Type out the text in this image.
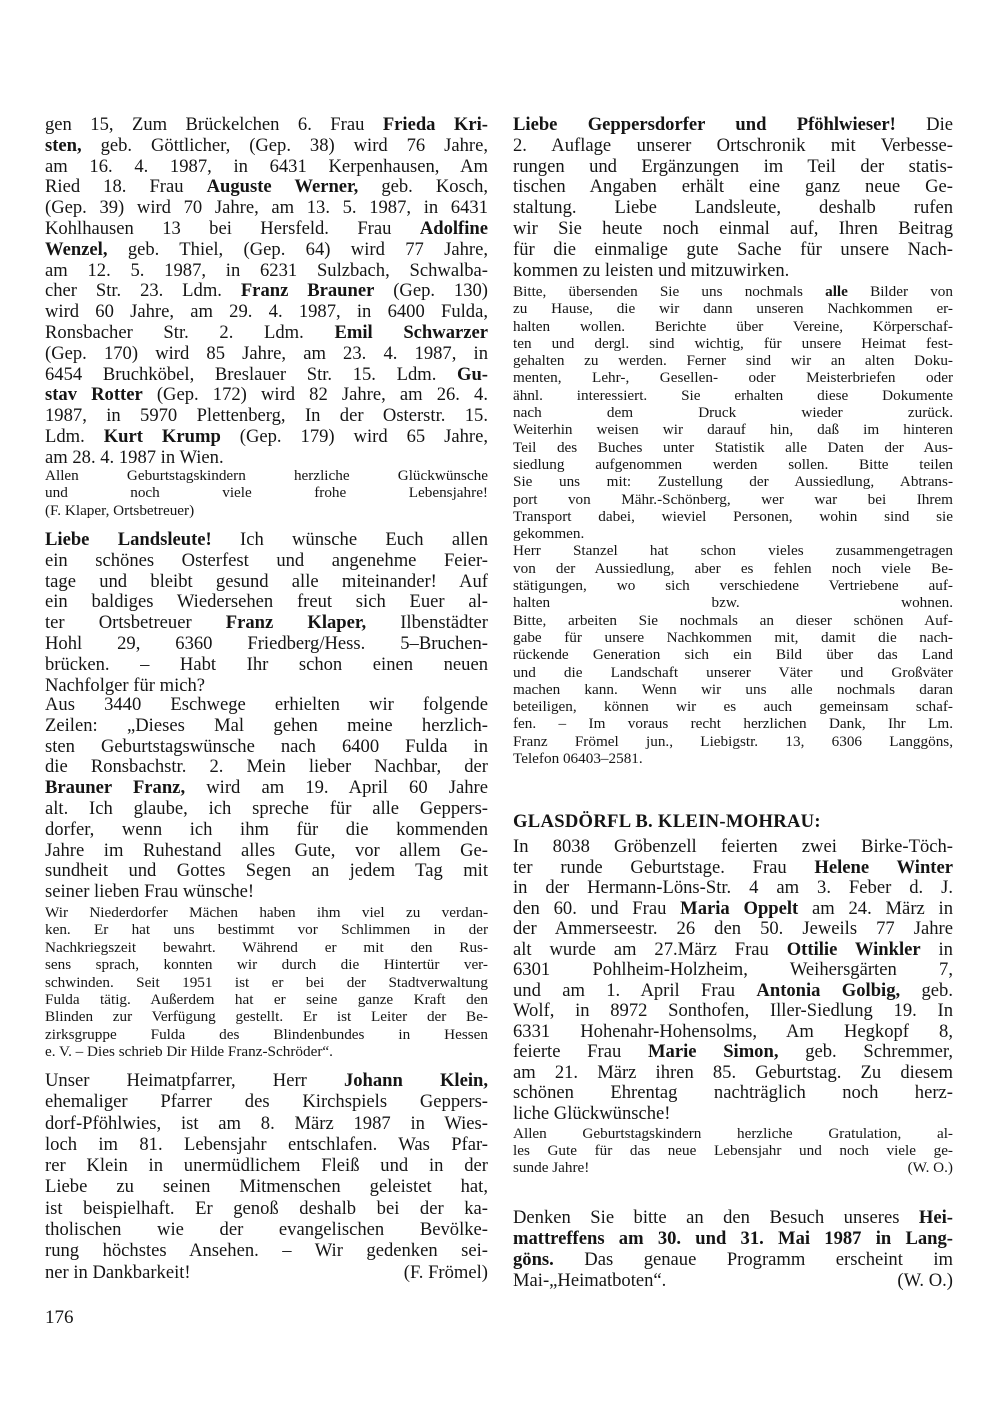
gen 15, Zum Brückelchen 6. Frau Frieda Kri-
sten, geb. Göttlicher, (Gep. 38) wird 76 Jahre,
am 16. 4. 1987, in 6431 Kerpenhausen, Am
Ried 18. Frau Auguste Werner, geb. Kosch,
(Gep. 39) wird 70 Jahre, am 13. 5. 1987, in 6431
Kohlhausen 13 bei Hersfeld. Frau Adolfine
Wenzel, geb. Thiel, (Gep. 64) wird 77 Jahre,
am 12. 5. 1987, in 6231 Sulzbach, Schwalba-
cher Str. 23. Ldm. Franz Brauner (Gep. 130)
wird 60 Jahre, am 29. 4. 1987, in 6400 Fulda,
Ronsbacher Str. 2. Ldm. Emil Schwarzer
(Gep. 170) wird 85 Jahre, am 23. 4. 1987, in
6454 Bruchköbel, Breslauer Str. 15. Ldm. Gu-
stav Rotter (Gep. 172) wird 82 Jahre, am 26. 4.
1987, in 5970 Plettenberg, In der Osterstr. 15.
Ldm. Kurt Krump (Gep. 179) wird 65 Jahre,
am 28. 4. 1987 in Wien.
Allen Geburtstagskindern herzliche Glückwünsche
und noch viele frohe Lebensjahre!
(F. Klaper, Ortsbetreuer)
Liebe Landsleute! Ich wünsche Euch allen
ein schönes Osterfest und angenehme Feier-
tage und bleibt gesund alle miteinander! Auf
ein baldiges Wiedersehen freut sich Euer al-
ter Ortsbetreuer Franz Klaper, Ilbenstädter
Hohl 29, 6360 Friedberg/Hess. 5–Bruchen-
brücken. – Habt Ihr schon einen neuen
Nachfolger für mich?
Aus 3440 Eschwege erhielten wir folgende
Zeilen: „Dieses Mal gehen meine herzlich-
sten Geburtstagswünsche nach 6400 Fulda in
die Ronsbachstr. 2. Mein lieber Nachbar, der
Brauner Franz, wird am 19. April 60 Jahre
alt. Ich glaube, ich spreche für alle Geppers-
dorfer, wenn ich ihm für die kommenden
Jahre im Ruhestand alles Gute, vor allem Ge-
sundheit und Gottes Segen an jedem Tag mit
seiner lieben Frau wünsche!
Wir Niederdorfer Mächen haben ihm viel zu verdan-
ken. Er hat uns bestimmt vor Schlimmen in der
Nachkriegszeit bewahrt. Während er mit den Rus-
sens sprach, konnten wir durch die Hintertür ver-
schwinden. Seit 1951 ist er bei der Stadtverwaltung
Fulda tätig. Außerdem hat er seine ganze Kraft den
Blinden zur Verfügung gestellt. Er ist Leiter der Be-
zirksgruppe Fulda des Blindenbundes in Hessen
e. V. – Dies schrieb Dir Hilde Franz-Schröder“.
Unser Heimatpfarrer, Herr Johann Klein,
ehemaliger Pfarrer des Kirchspiels Geppers-
dorf-Pföhlwies, ist am 8. März 1987 in Wies-
loch im 81. Lebensjahr entschlafen. Was Pfar-
rer Klein in unermüdlichem Fleiß und in der
Liebe zu seinen Mitmenschen geleistet hat,
ist beispielhaft. Er genoß deshalb bei der ka-
tholischen wie der evangelischen Bevölke-
rung höchstes Ansehen. – Wir gedenken sei-
(F. Frömel)
ner in Dankbarkeit!
Liebe Geppersdorfer und Pföhlwieser! Die
2. Auflage unserer Ortschronik mit Verbesse-
rungen und Ergänzungen im Teil der statis-
tischen Angaben erhält eine ganz neue Ge-
staltung. Liebe Landsleute, deshalb rufen
wir Sie heute noch einmal auf, Ihren Beitrag
für die einmalige gute Sache für unsere Nach-
kommen zu leisten und mitzuwirken.
Bitte, übersenden Sie uns nochmals alle Bilder von
zu Hause, die wir dann unseren Nachkommen er-
halten wollen. Berichte über Vereine, Körperschaf-
ten und dergl. sind wichtig, für unsere Heimat fest-
gehalten zu werden. Ferner sind wir an alten Doku-
menten, Lehr-, Gesellen- oder Meisterbriefen oder
ähnl. interessiert. Sie erhalten diese Dokumente
nach dem Druck wieder zurück.
Weiterhin weisen wir darauf hin, daß im hinteren
Teil des Buches unter Statistik alle Daten der Aus-
siedlung aufgenommen werden sollen. Bitte teilen
Sie uns mit: Zustellung der Aussiedlung, Abtrans-
port von Mähr.-Schönberg, wer war bei Ihrem
Transport dabei, wieviel Personen, wohin sind sie
gekommen.
Herr Stanzel hat schon vieles zusammengetragen
von der Aussiedlung, aber es fehlen noch viele Be-
stätigungen, wo sich verschiedene Vertriebene auf-
halten bzw. wohnen.
Bitte, arbeiten Sie nochmals an dieser schönen Auf-
gabe für unsere Nachkommen mit, damit die nach-
rückende Generation sich ein Bild über das Land
und die Landschaft unserer Väter und Großväter
machen kann. Wenn wir uns alle nochmals daran
beteiligen, können wir es auch gemeinsam schaf-
fen. – Im voraus recht herzlichen Dank, Ihr Lm.
Franz Frömel jun., Liebigstr. 13, 6306 Langgöns,
Telefon 06403–2581.
GLASDÖRFL B. KLEIN-MOHRAU:
In 8038 Gröbenzell feierten zwei Birke-Töch-
ter runde Geburtstage. Frau Helene Winter
in der Hermann-Löns-Str. 4 am 3. Feber d. J.
den 60. und Frau Maria Oppelt am 24. März in
der Ammerseestr. 26 den 50. Jeweils 77 Jahre
alt wurde am 27.März Frau Ottilie Winkler in
6301 Pohlheim-Holzheim, Weihersgärten 7,
und am 1. April Frau Antonia Golbig, geb.
Wolf, in 8972 Sonthofen, Iller-Siedlung 19. In
6331 Hohenahr-Hohensolms, Am Hegkopf 8,
feierte Frau Marie Simon, geb. Schremmer,
am 21. März ihren 85. Geburtstag. Zu diesem
schönen Ehrentag nachträglich noch herz-
liche Glückwünsche!
Allen Geburtstagskindern herzliche Gratulation, al-
les Gute für das neue Lebensjahr und noch viele ge-
(W. O.)
sunde Jahre!
Denken Sie bitte an den Besuch unseres Hei-
mattreffens am 30. und 31. Mai 1987 in Lang-
göns. Das genaue Programm erscheint im
(W. O.)
Mai-„Heimatboten“.
176
